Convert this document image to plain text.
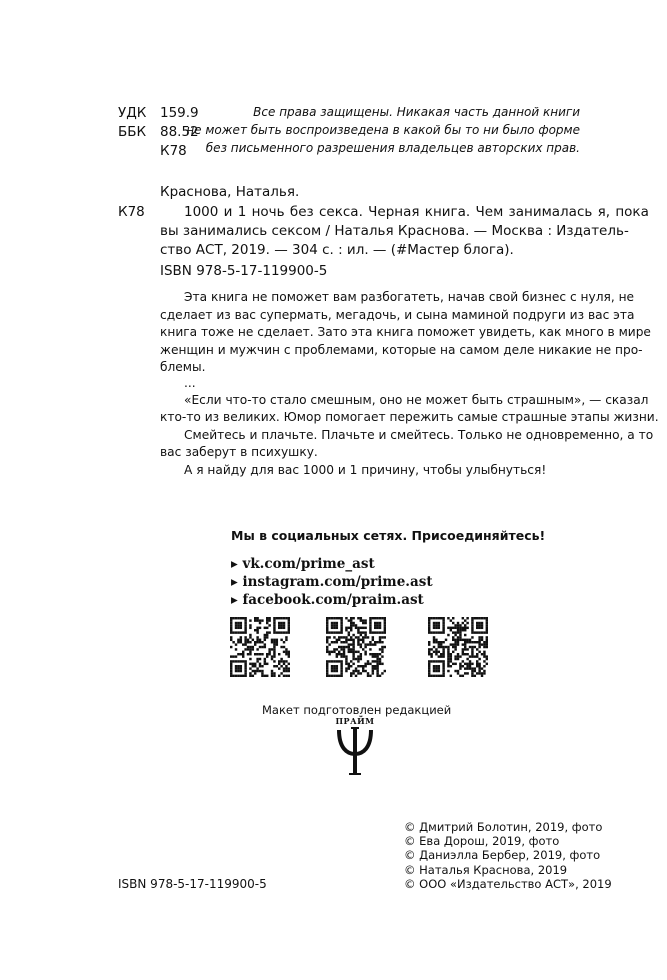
УДК 159.9
ББК 88.52
К78
Все права защищены. Никакая часть данной книги
не может быть воспроизведена в какой бы то ни было форме
без письменного разрешения владельцев авторских прав.
Краснова, Наталья.
К78	1000 и 1 ночь без секса. Черная книга. Чем занималась я, пока
вы занимались сексом / Наталья Краснова. — Москва : Издатель-
ство АСТ, 2019. — 304 с. : ил. — (#Мастер блога).
ISBN 978-5-17-119900-5
Эта книга не поможет вам разбогатеть, начав свой бизнес с нуля, не
сделает из вас супермать, мегадочь, и сына маминой подруги из вас эта
книга тоже не сделает. Зато эта книга поможет увидеть, как много в мире
женщин и мужчин с проблемами, которые на самом деле никакие не про-
блемы.
...
«Если что-то стало смешным, оно не может быть страшным», — сказал
кто-то из великих. Юмор помогает пережить самые страшные этапы жизни.
Смейтесь и плачьте. Плачьте и смейтесь. Только не одновременно, а то
вас заберут в психушку.
А я найду для вас 1000 и 1 причину, чтобы улыбнуться!
Мы в социальных сетях. Присоединяйтесь!
▸ vk.com/prime_ast
▸ instagram.com/prime.ast
▸ facebook.com/praim.ast
Макет подготовлен редакцией
ПРАЙМ
© Дмитрий Болотин, 2019, фото
© Ева Дорош, 2019, фото
© Даниэлла Бербер, 2019, фото
© Наталья Краснова, 2019
© ООО «Издательство АСТ», 2019
ISBN 978-5-17-119900-5
